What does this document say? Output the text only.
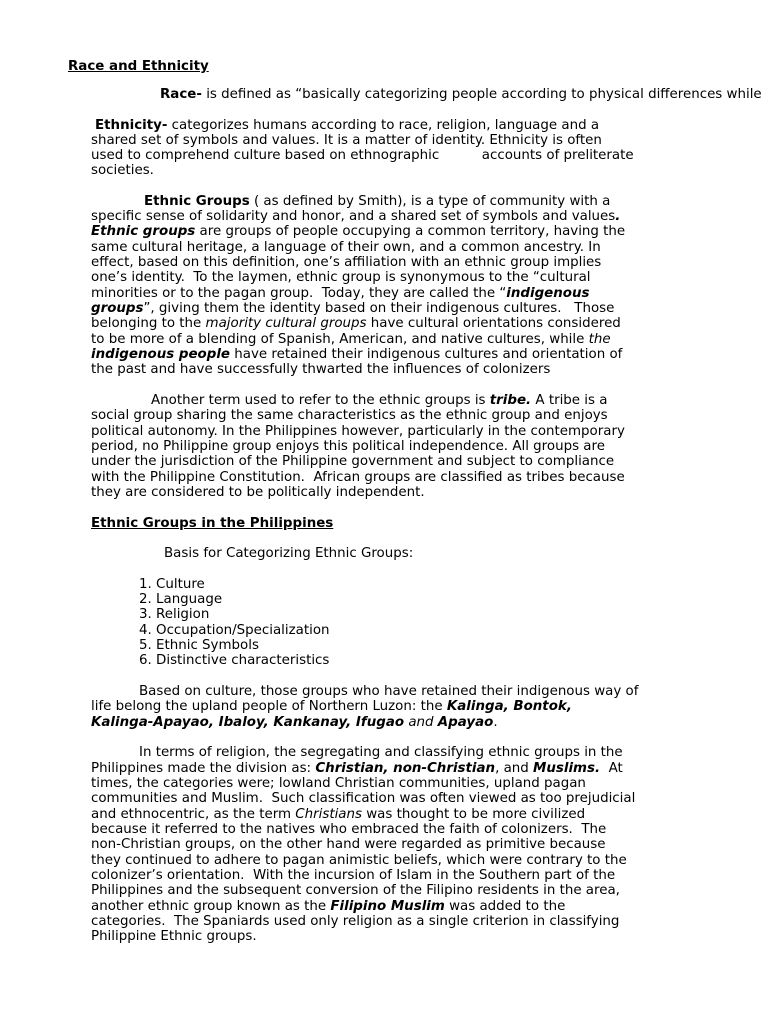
Race and Ethnicity
Race- is defined as “basically categorizing people according to physical differences while
Ethnicity- categorizes humans according to race, religion, language and a
shared set of symbols and values. It is a matter of identity. Ethnicity is often
used to comprehend culture based on ethnographic          accounts of preliterate
societies.
Ethnic Groups ( as defined by Smith), is a type of community with a
specific sense of solidarity and honor, and a shared set of symbols and values.
Ethnic groups are groups of people occupying a common territory, having the
same cultural heritage, a language of their own, and a common ancestry. In
effect, based on this definition, one’s affiliation with an ethnic group implies
one’s identity.  To the laymen, ethnic group is synonymous to the “cultural
minorities or to the pagan group.  Today, they are called the “indigenous
groups”, giving them the identity based on their indigenous cultures.   Those
belonging to the majority cultural groups have cultural orientations considered
to be more of a blending of Spanish, American, and native cultures, while the
indigenous people have retained their indigenous cultures and orientation of
the past and have successfully thwarted the influences of colonizers
Another term used to refer to the ethnic groups is tribe. A tribe is a
social group sharing the same characteristics as the ethnic group and enjoys
political autonomy. In the Philippines however, particularly in the contemporary
period, no Philippine group enjoys this political independence. All groups are
under the jurisdiction of the Philippine government and subject to compliance
with the Philippine Constitution.  African groups are classified as tribes because
they are considered to be politically independent.
Ethnic Groups in the Philippines
Basis for Categorizing Ethnic Groups:
1. Culture
2. Language
3. Religion
4. Occupation/Specialization
5. Ethnic Symbols
6. Distinctive characteristics
Based on culture, those groups who have retained their indigenous way of
life belong the upland people of Northern Luzon: the Kalinga, Bontok,
Kalinga-Apayao, Ibaloy, Kankanay, Ifugao and Apayao.
In terms of religion, the segregating and classifying ethnic groups in the
Philippines made the division as: Christian, non-Christian, and Muslims.  At
times, the categories were; lowland Christian communities, upland pagan
communities and Muslim.  Such classification was often viewed as too prejudicial
and ethnocentric, as the term Christians was thought to be more civilized
because it referred to the natives who embraced the faith of colonizers.  The
non-Christian groups, on the other hand were regarded as primitive because
they continued to adhere to pagan animistic beliefs, which were contrary to the
colonizer’s orientation.  With the incursion of Islam in the Southern part of the
Philippines and the subsequent conversion of the Filipino residents in the area,
another ethnic group known as the Filipino Muslim was added to the
categories.  The Spaniards used only religion as a single criterion in classifying
Philippine Ethnic groups.
